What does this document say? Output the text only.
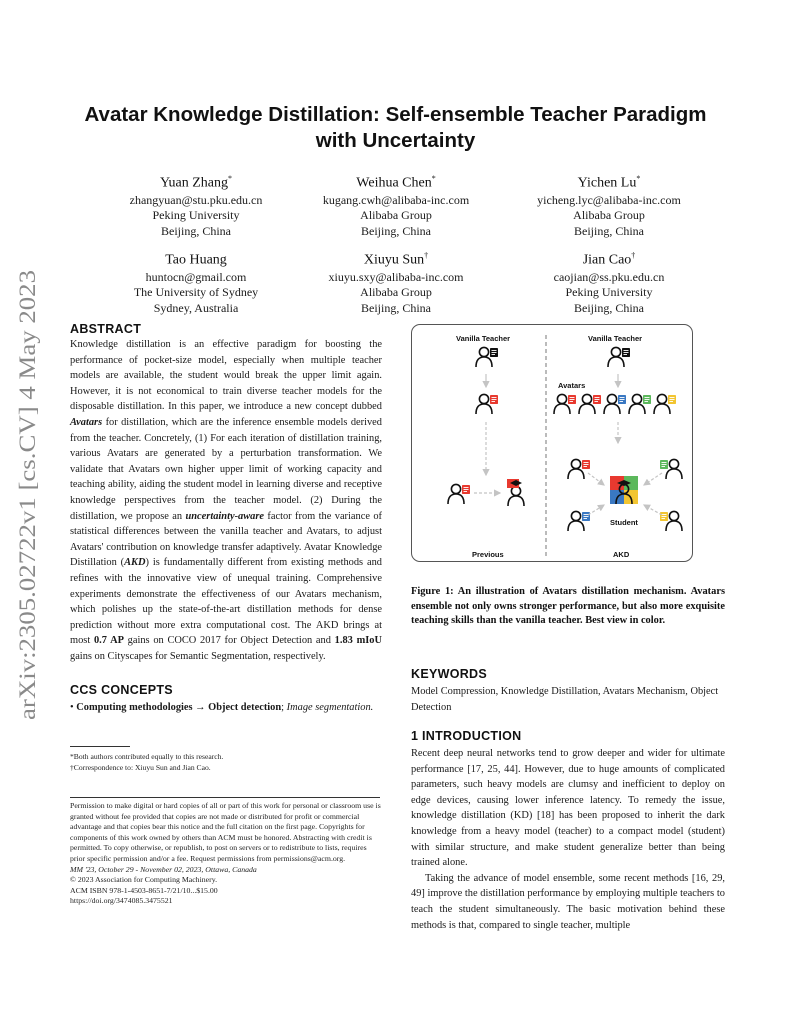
arXiv:2305.02722v1 [cs.CV] 4 May 2023
Avatar Knowledge Distillation: Self-ensemble Teacher Paradigm
with Uncertainty
Yuan Zhang*
zhangyuan@stu.pku.edu.cn
Peking University
Beijing, China
Weihua Chen*
kugang.cwh@alibaba-inc.com
Alibaba Group
Beijing, China
Yichen Lu*
yicheng.lyc@alibaba-inc.com
Alibaba Group
Beijing, China
Tao Huang
huntocn@gmail.com
The University of Sydney
Sydney, Australia
Xiuyu Sun†
xiuyu.sxy@alibaba-inc.com
Alibaba Group
Beijing, China
Jian Cao†
caojian@ss.pku.edu.cn
Peking University
Beijing, China
ABSTRACT

Knowledge distillation is an effective paradigm for boosting the performance of pocket-size model, especially when multiple teacher models are available, the student would break the upper limit again. However, it is not economical to train diverse teacher models for the disposable distillation. In this paper, we introduce a new concept dubbed Avatars for distillation, which are the inference ensemble models derived from the teacher. Concretely, (1) For each iteration of distillation training, various Avatars are generated by a perturbation transformation. We validate that Avatars own higher upper limit of working capacity and teaching ability, aiding the student model in learning diverse and receptive knowledge perspectives from the teacher model. (2) During the distillation, we propose an uncertainty-aware factor from the variance of statistical differences between the vanilla teacher and Avatars, to adjust Avatars' contribution on knowledge transfer adaptively. Avatar Knowledge Distillation (AKD) is fundamentally different from existing methods and refines with the innovative view of unequal training. Comprehensive experiments demonstrate the effectiveness of our Avatars mechanism, which polishes up the state-of-the-art distillation methods for dense prediction without more extra computational cost. The AKD brings at most 0.7 AP gains on COCO 2017 for Object Detection and 1.83 mIoU gains on Cityscapes for Semantic Segmentation, respectively.

CCS CONCEPTS

• Computing methodologies → Object detection; Image segmentation.

*Both authors contributed equally to this research.
†Correspondence to: Xiuyu Sun and Jian Cao.

Permission to make digital or hard copies of all or part of this work for personal or classroom use is granted without fee provided that copies are not made or distributed for profit or commercial advantage and that copies bear this notice and the full citation on the first page. Copyrights for components of this work owned by others than ACM must be honored. Abstracting with credit is permitted. To copy otherwise, or republish, to post on servers or to redistribute to lists, requires prior specific permission and/or a fee. Request permissions from permissions@acm.org.

MM '23, October 29 - November 02, 2023, Ottawa, Canada

© 2023 Association for Computing Machinery.

ACM ISBN 978-1-4503-8651-7/21/10...$15.00

https://doi.org/3474085.3475521

Vanilla Teacher	Vanilla Teacher
Avatars
Student
Previous	AKD
Figure 1: An illustration of Avatars distillation mechanism. Avatars ensemble not only owns stronger performance, but also more exquisite teaching skills than the vanilla teacher. Best view in color.
KEYWORDS
Model Compression, Knowledge Distillation, Avatars Mechanism, Object Detection
1 INTRODUCTION

Recent deep neural networks tend to grow deeper and wider for ultimate performance [17, 25, 44]. However, due to huge amounts of complicated parameters, such heavy models are clumsy and inefficient to deploy on edge devices, causing lower inference latency. To remedy the issue, knowledge distillation (KD) [18] has been proposed to inherit the dark knowledge from a heavy model (teacher) to a compact model (student) with similar structure, and make student generalize better than being trained alone.

Taking the advance of model ensemble, some recent methods [16, 29, 49] improve the distillation performance by employing multiple teachers to teach the student simultaneously. The basic motivation behind these methods is that, compared to single teacher, multiple
